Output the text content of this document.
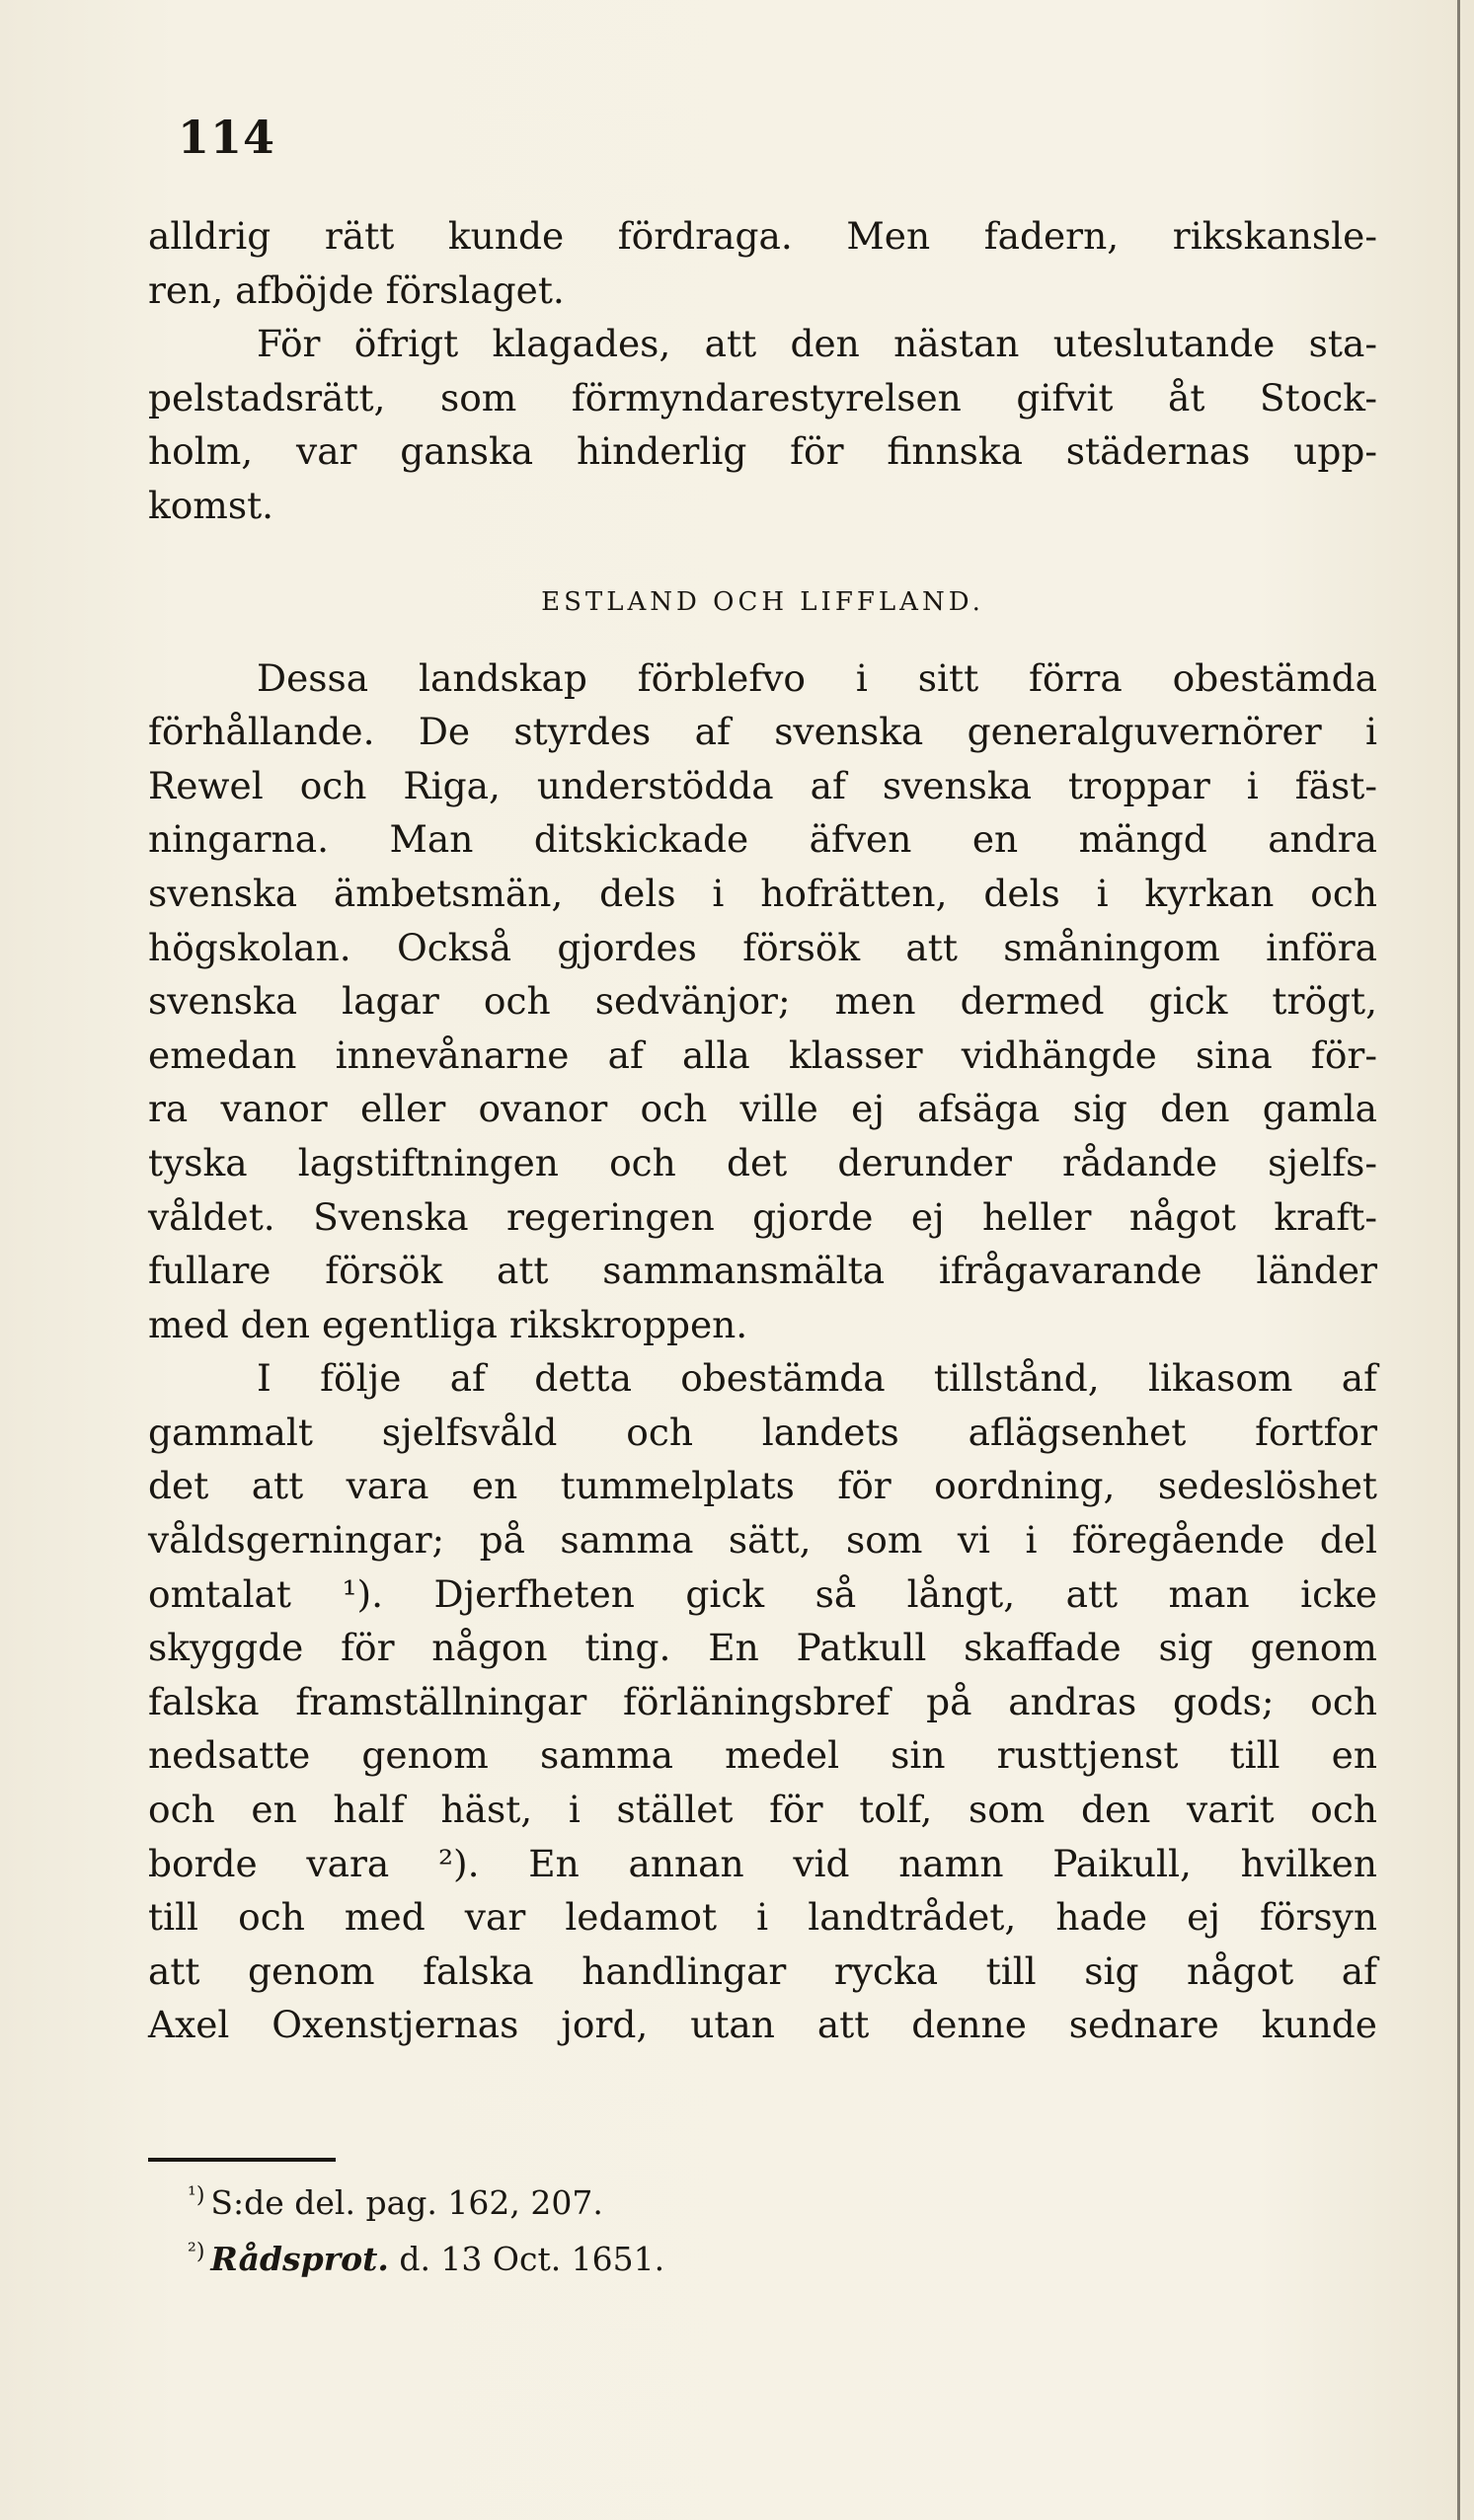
114
alldrig rätt kunde fördraga. Men fadern, rikskansle-
ren, afböjde förslaget.
För öfrigt klagades, att den nästan uteslutande sta-
pelstadsrätt, som förmyndarestyrelsen gifvit åt Stock-
holm, var ganska hinderlig för finnska städernas upp-
komst.
ESTLAND OCH LIFFLAND.
Dessa landskap förblefvo i sitt förra obestämda
förhållande. De styrdes af svenska generalguvernörer i
Rewel och Riga, understödda af svenska troppar i fäst-
ningarna. Man ditskickade äfven en mängd andra
svenska ämbetsmän, dels i hofrätten, dels i kyrkan och
högskolan. Också gjordes försök att småningom införa
svenska lagar och sedvänjor; men dermed gick trögt,
emedan innevånarne af alla klasser vidhängde sina för-
ra vanor eller ovanor och ville ej afsäga sig den gamla
tyska lagstiftningen och det derunder rådande sjelfs-
våldet. Svenska regeringen gjorde ej heller något kraft-
fullare försök att sammansmälta ifrågavarande länder
med den egentliga rikskroppen.
I följe af detta obestämda tillstånd, likasom af
gammalt sjelfsvåld och landets aflägsenhet fortfor
det att vara en tummelplats för oordning, sedeslöshet
våldsgerningar; på samma sätt, som vi i föregående del
omtalat ¹). Djerfheten gick så långt, att man icke
skyggde för någon ting. En Patkull skaffade sig genom
falska framställningar förläningsbref på andras gods; och
nedsatte genom samma medel sin rusttjenst till en
och en half häst, i stället för tolf, som den varit och
borde vara ²). En annan vid namn Paikull, hvilken
till och med var ledamot i landtrådet, hade ej försyn
att genom falska handlingar rycka till sig något af
Axel Oxenstjernas jord, utan att denne sednare kunde
$^{^1)}$ S:de del. pag. 162, 207.
$^{^2)}$ Rådsprot. d. 13 Oct. 1651.
